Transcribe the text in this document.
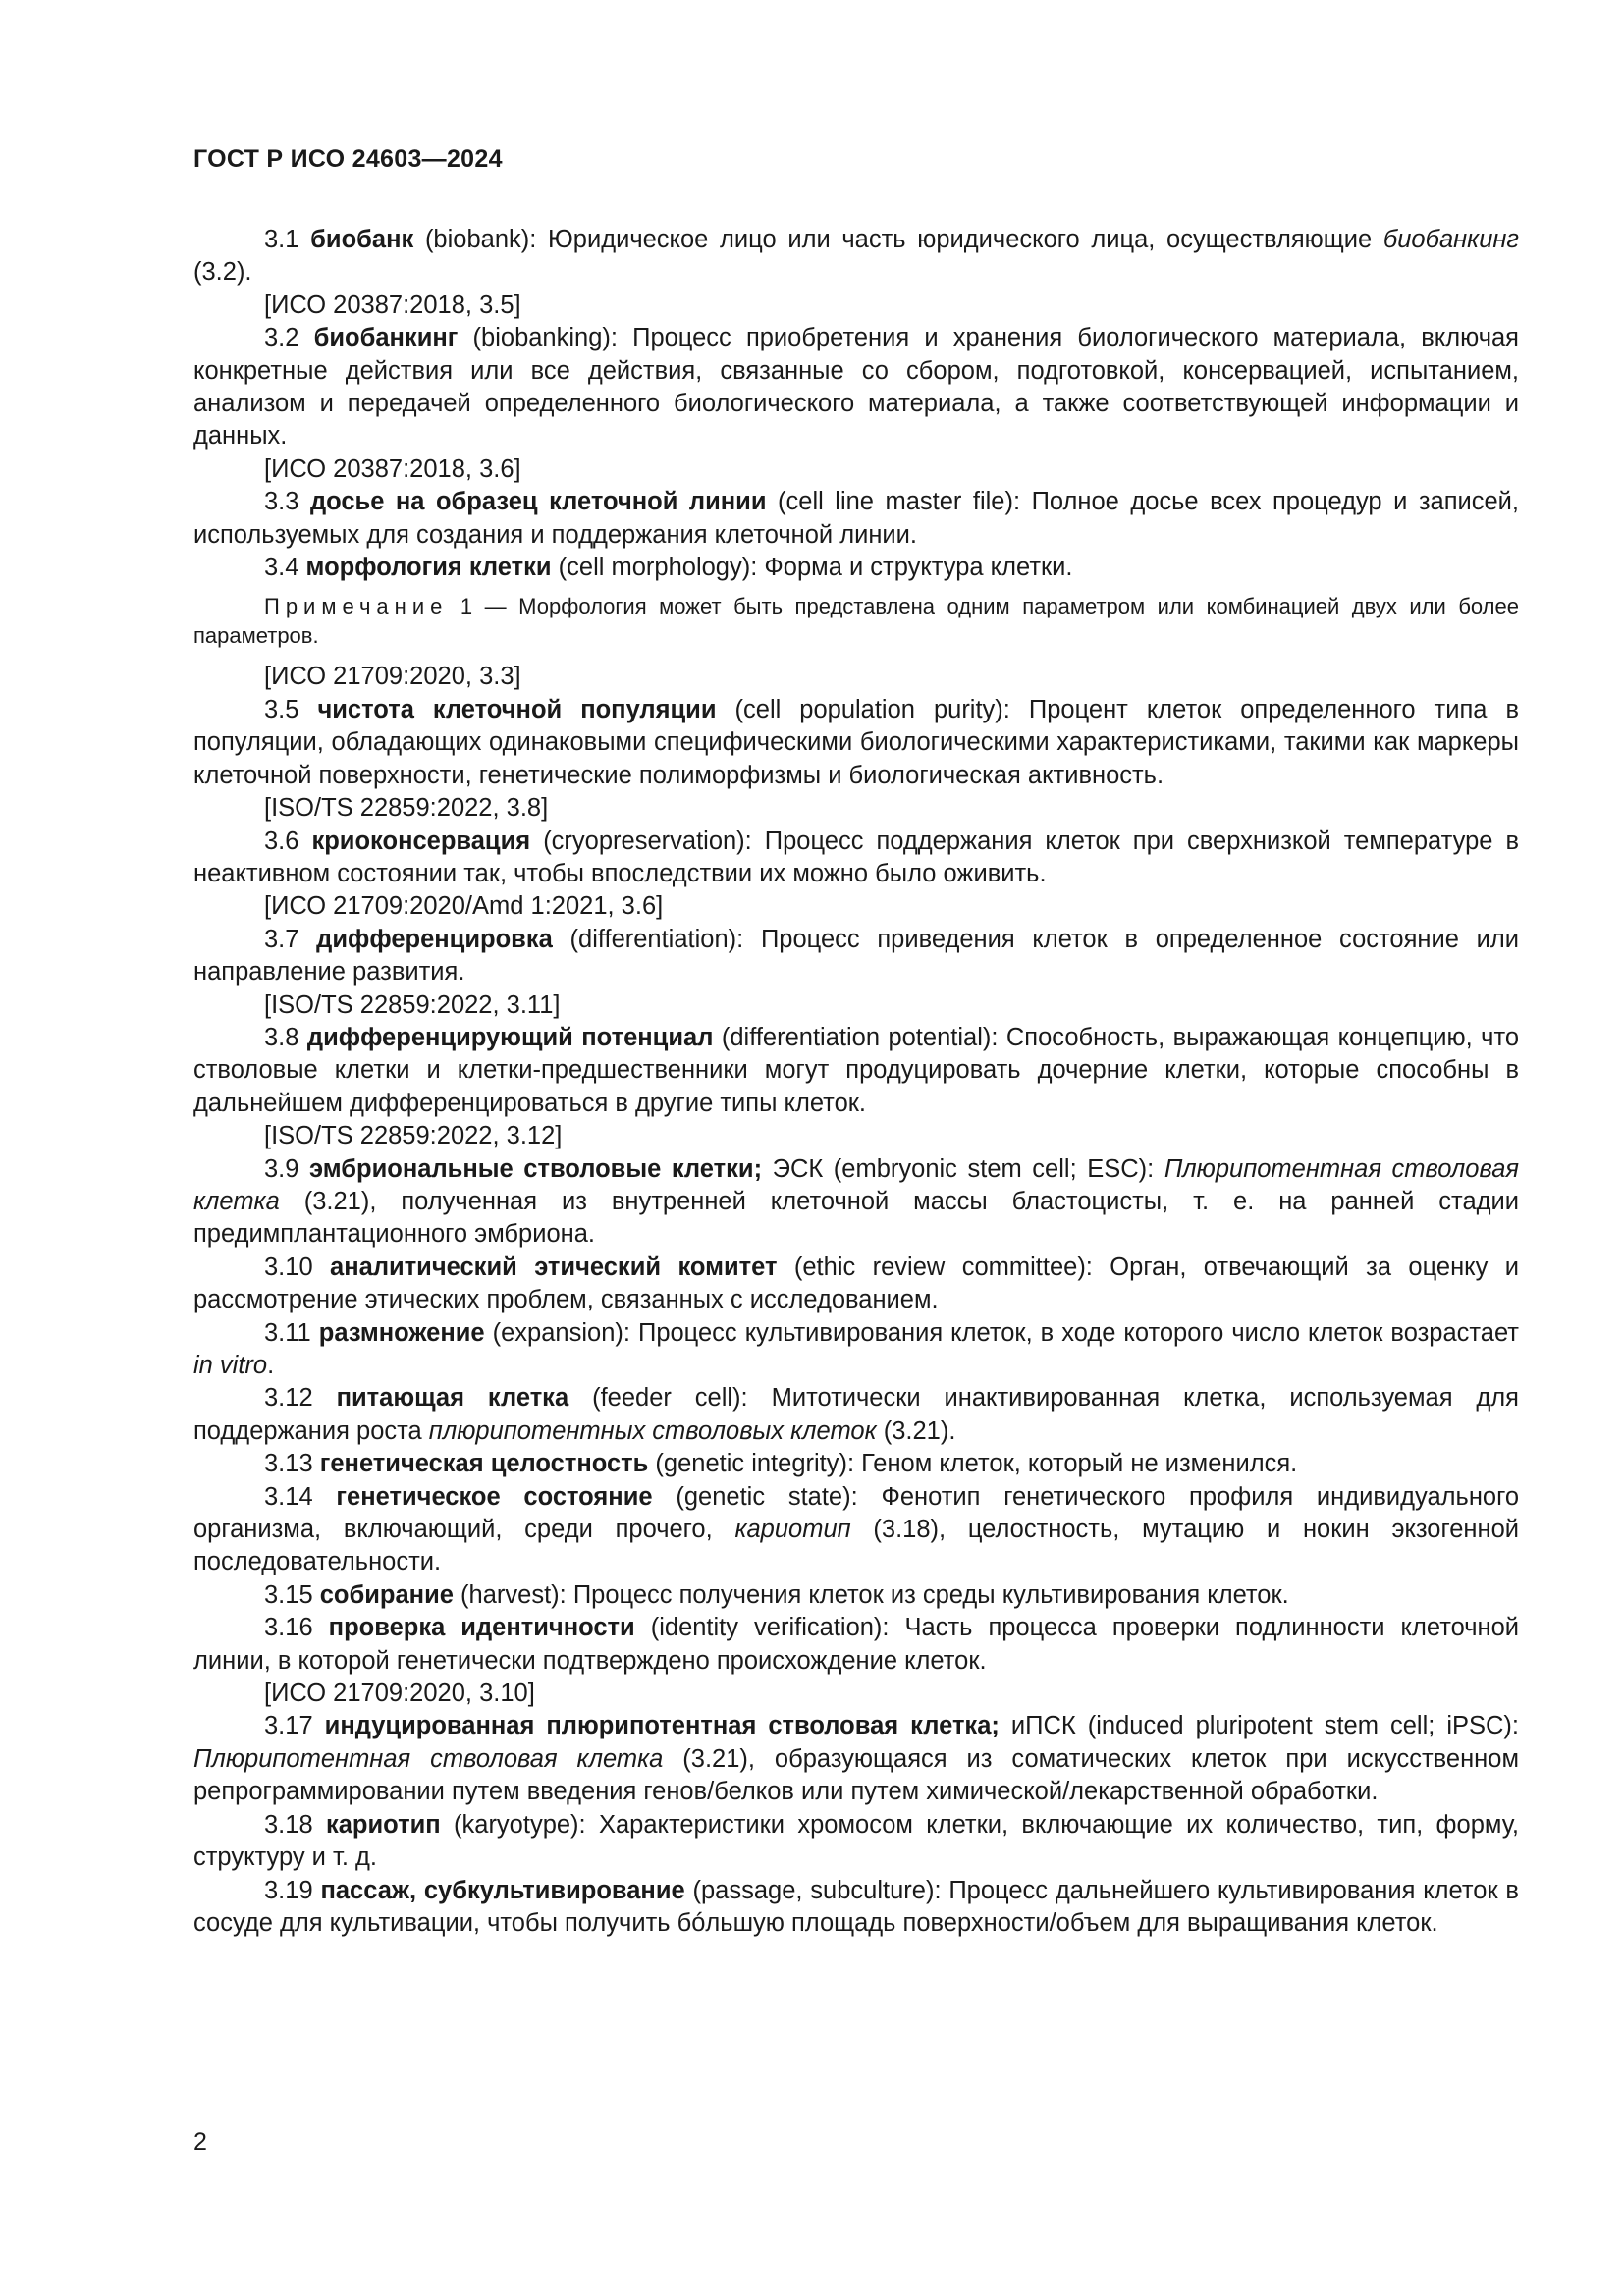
ГОСТ Р ИСО 24603—2024

3.1 биобанк (biobank): Юридическое лицо или часть юридического лица, осуществляющие биобанкинг (3.2).

[ИСО 20387:2018, 3.5]

3.2 биобанкинг (biobanking): Процесс приобретения и хранения биологического материала, включая конкретные действия или все действия, связанные со сбором, подготовкой, консервацией, испытанием, анализом и передачей определенного биологического материала, а также соответствующей информации и данных.

[ИСО 20387:2018, 3.6]

3.3 досье на образец клеточной линии (cell line master file): Полное досье всех процедур и записей, используемых для создания и поддержания клеточной линии.

3.4 морфология клетки (cell morphology): Форма и структура клетки.

Примечание 1 — Морфология может быть представлена одним параметром или комбинацией двух или более параметров.

[ИСО 21709:2020, 3.3]

3.5 чистота клеточной популяции (cell population purity): Процент клеток определенного типа в популяции, обладающих одинаковыми специфическими биологическими характеристиками, такими как маркеры клеточной поверхности, генетические полиморфизмы и биологическая активность.

[ISO/TS 22859:2022, 3.8]

3.6 криоконсервация (cryopreservation): Процесс поддержания клеток при сверхнизкой температуре в неактивном состоянии так, чтобы впоследствии их можно было оживить.

[ИСО 21709:2020/Amd 1:2021, 3.6]

3.7 дифференцировка (differentiation): Процесс приведения клеток в определенное состояние или направление развития.

[ISO/TS 22859:2022, 3.11]

3.8 дифференцирующий потенциал (differentiation potential): Способность, выражающая концепцию, что стволовые клетки и клетки-предшественники могут продуцировать дочерние клетки, которые способны в дальнейшем дифференцироваться в другие типы клеток.

[ISO/TS 22859:2022, 3.12]

3.9 эмбриональные стволовые клетки; ЭСК (embryonic stem cell; ESC): Плюрипотентная стволовая клетка (3.21), полученная из внутренней клеточной массы бластоцисты, т. е. на ранней стадии предимплантационного эмбриона.

3.10 аналитический этический комитет (ethic review committee): Орган, отвечающий за оценку и рассмотрение этических проблем, связанных с исследованием.

3.11 размножение (expansion): Процесс культивирования клеток, в ходе которого число клеток возрастает in vitro.

3.12 питающая клетка (feeder cell): Митотически инактивированная клетка, используемая для поддержания роста плюрипотентных стволовых клеток (3.21).

3.13 генетическая целостность (genetic integrity): Геном клеток, который не изменился.

3.14 генетическое состояние (genetic state): Фенотип генетического профиля индивидуального организма, включающий, среди прочего, кариотип (3.18), целостность, мутацию и нокин экзогенной последовательности.

3.15 собирание (harvest): Процесс получения клеток из среды культивирования клеток.

3.16 проверка идентичности (identity verification): Часть процесса проверки подлинности клеточной линии, в которой генетически подтверждено происхождение клеток.

[ИСО 21709:2020, 3.10]

3.17 индуцированная плюрипотентная стволовая клетка; иПСК (induced pluripotent stem cell; iPSC): Плюрипотентная стволовая клетка (3.21), образующаяся из соматических клеток при искусственном репрограммировании путем введения генов/белков или путем химической/лекарственной обработки.

3.18 кариотип (karyotype): Характеристики хромосом клетки, включающие их количество, тип, форму, структуру и т. д.

3.19 пассаж, субкультивирование (passage, subculture): Процесс дальнейшего культивирования клеток в сосуде для культивации, чтобы получить бóльшую площадь поверхности/объем для выращивания клеток.

2
